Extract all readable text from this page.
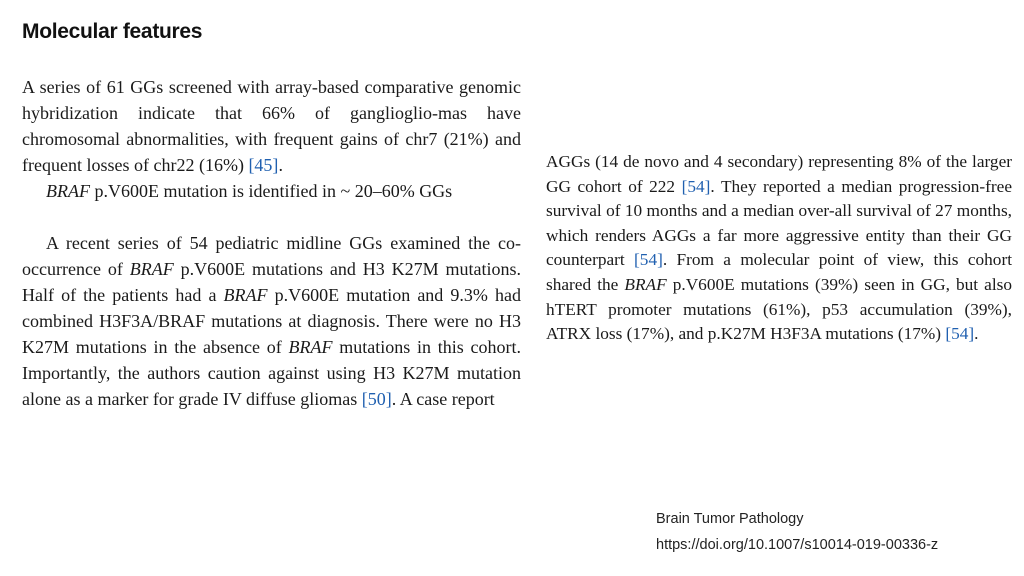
Molecular features

A series of 61 GGs screened with array-based comparative genomic hybridization indicate that 66% of ganglioglio-mas have chromosomal abnormalities, with frequent gains of chr7 (21%) and frequent losses of chr22 (16%) [45].

BRAF p.V600E mutation is identified in ~ 20–60% GGs

A recent series of 54 pediatric midline GGs examined the co-occurrence of BRAF p.V600E mutations and H3 K27M mutations. Half of the patients had a BRAF p.V600E mutation and 9.3% had combined H3F3A/BRAF mutations at diagnosis. There were no H3 K27M mutations in the absence of BRAF mutations in this cohort. Importantly, the authors caution against using H3 K27M mutation alone as a marker for grade IV diffuse gliomas [50]. A case report

AGGs (14 de novo and 4 secondary) representing 8% of the larger GG cohort of 222 [54]. They reported a median progression-free survival of 10 months and a median over-all survival of 27 months, which renders AGGs a far more aggressive entity than their GG counterpart [54]. From a molecular point of view, this cohort shared the BRAF p.V600E mutations (39%) seen in GG, but also hTERT promoter mutations (61%), p53 accumulation (39%), ATRX loss (17%), and p.K27M H3F3A mutations (17%) [54].

Brain Tumor Pathology
https://doi.org/10.1007/s10014-019-00336-z
